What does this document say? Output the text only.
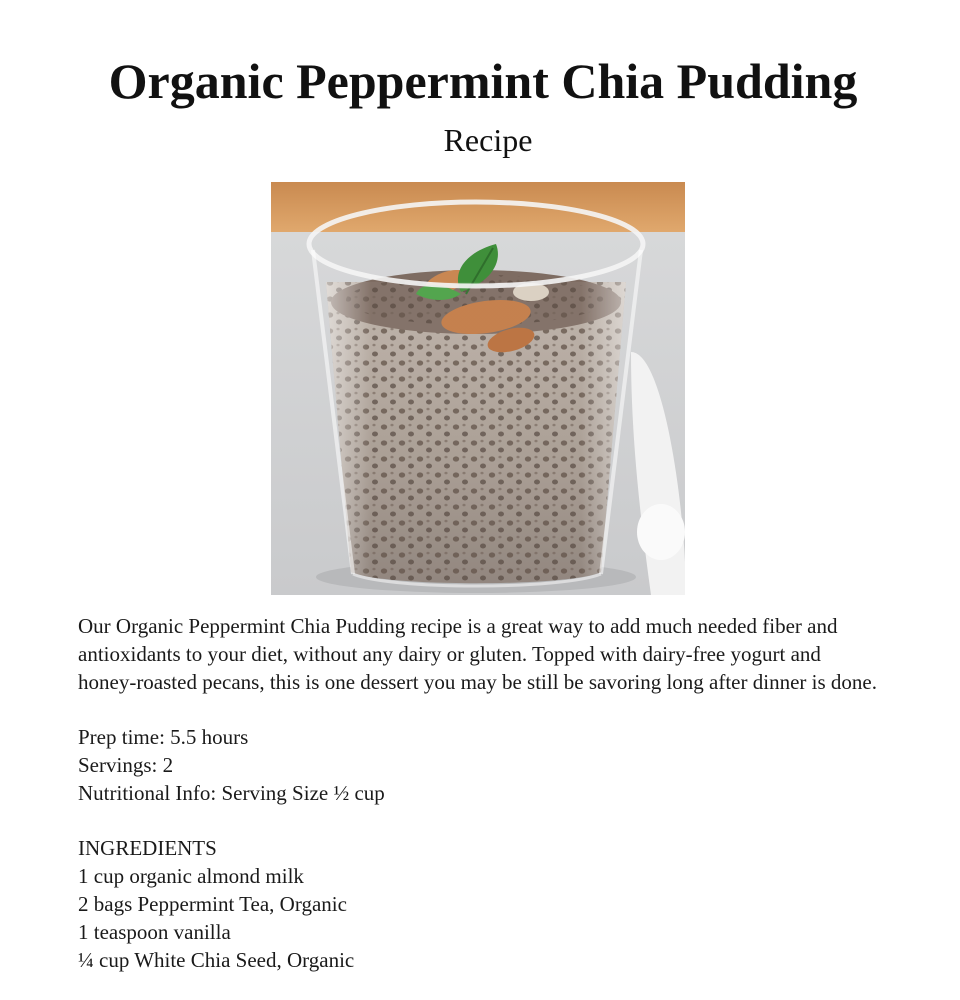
Organic Peppermint Chia Pudding
Recipe

Our Organic Peppermint Chia Pudding recipe is a great way to add much needed fiber and antioxidants to your diet, without any dairy or gluten. Topped with dairy-free yogurt and honey-roasted pecans, this is one dessert you may be still be savoring long after dinner is done.

Prep time: 5.5 hours
Servings: 2
Nutritional Info: Serving Size ½ cup
INGREDIENTS
1 cup organic almond milk
2 bags Peppermint Tea, Organic
1 teaspoon vanilla
¼ cup White Chia Seed, Organic
